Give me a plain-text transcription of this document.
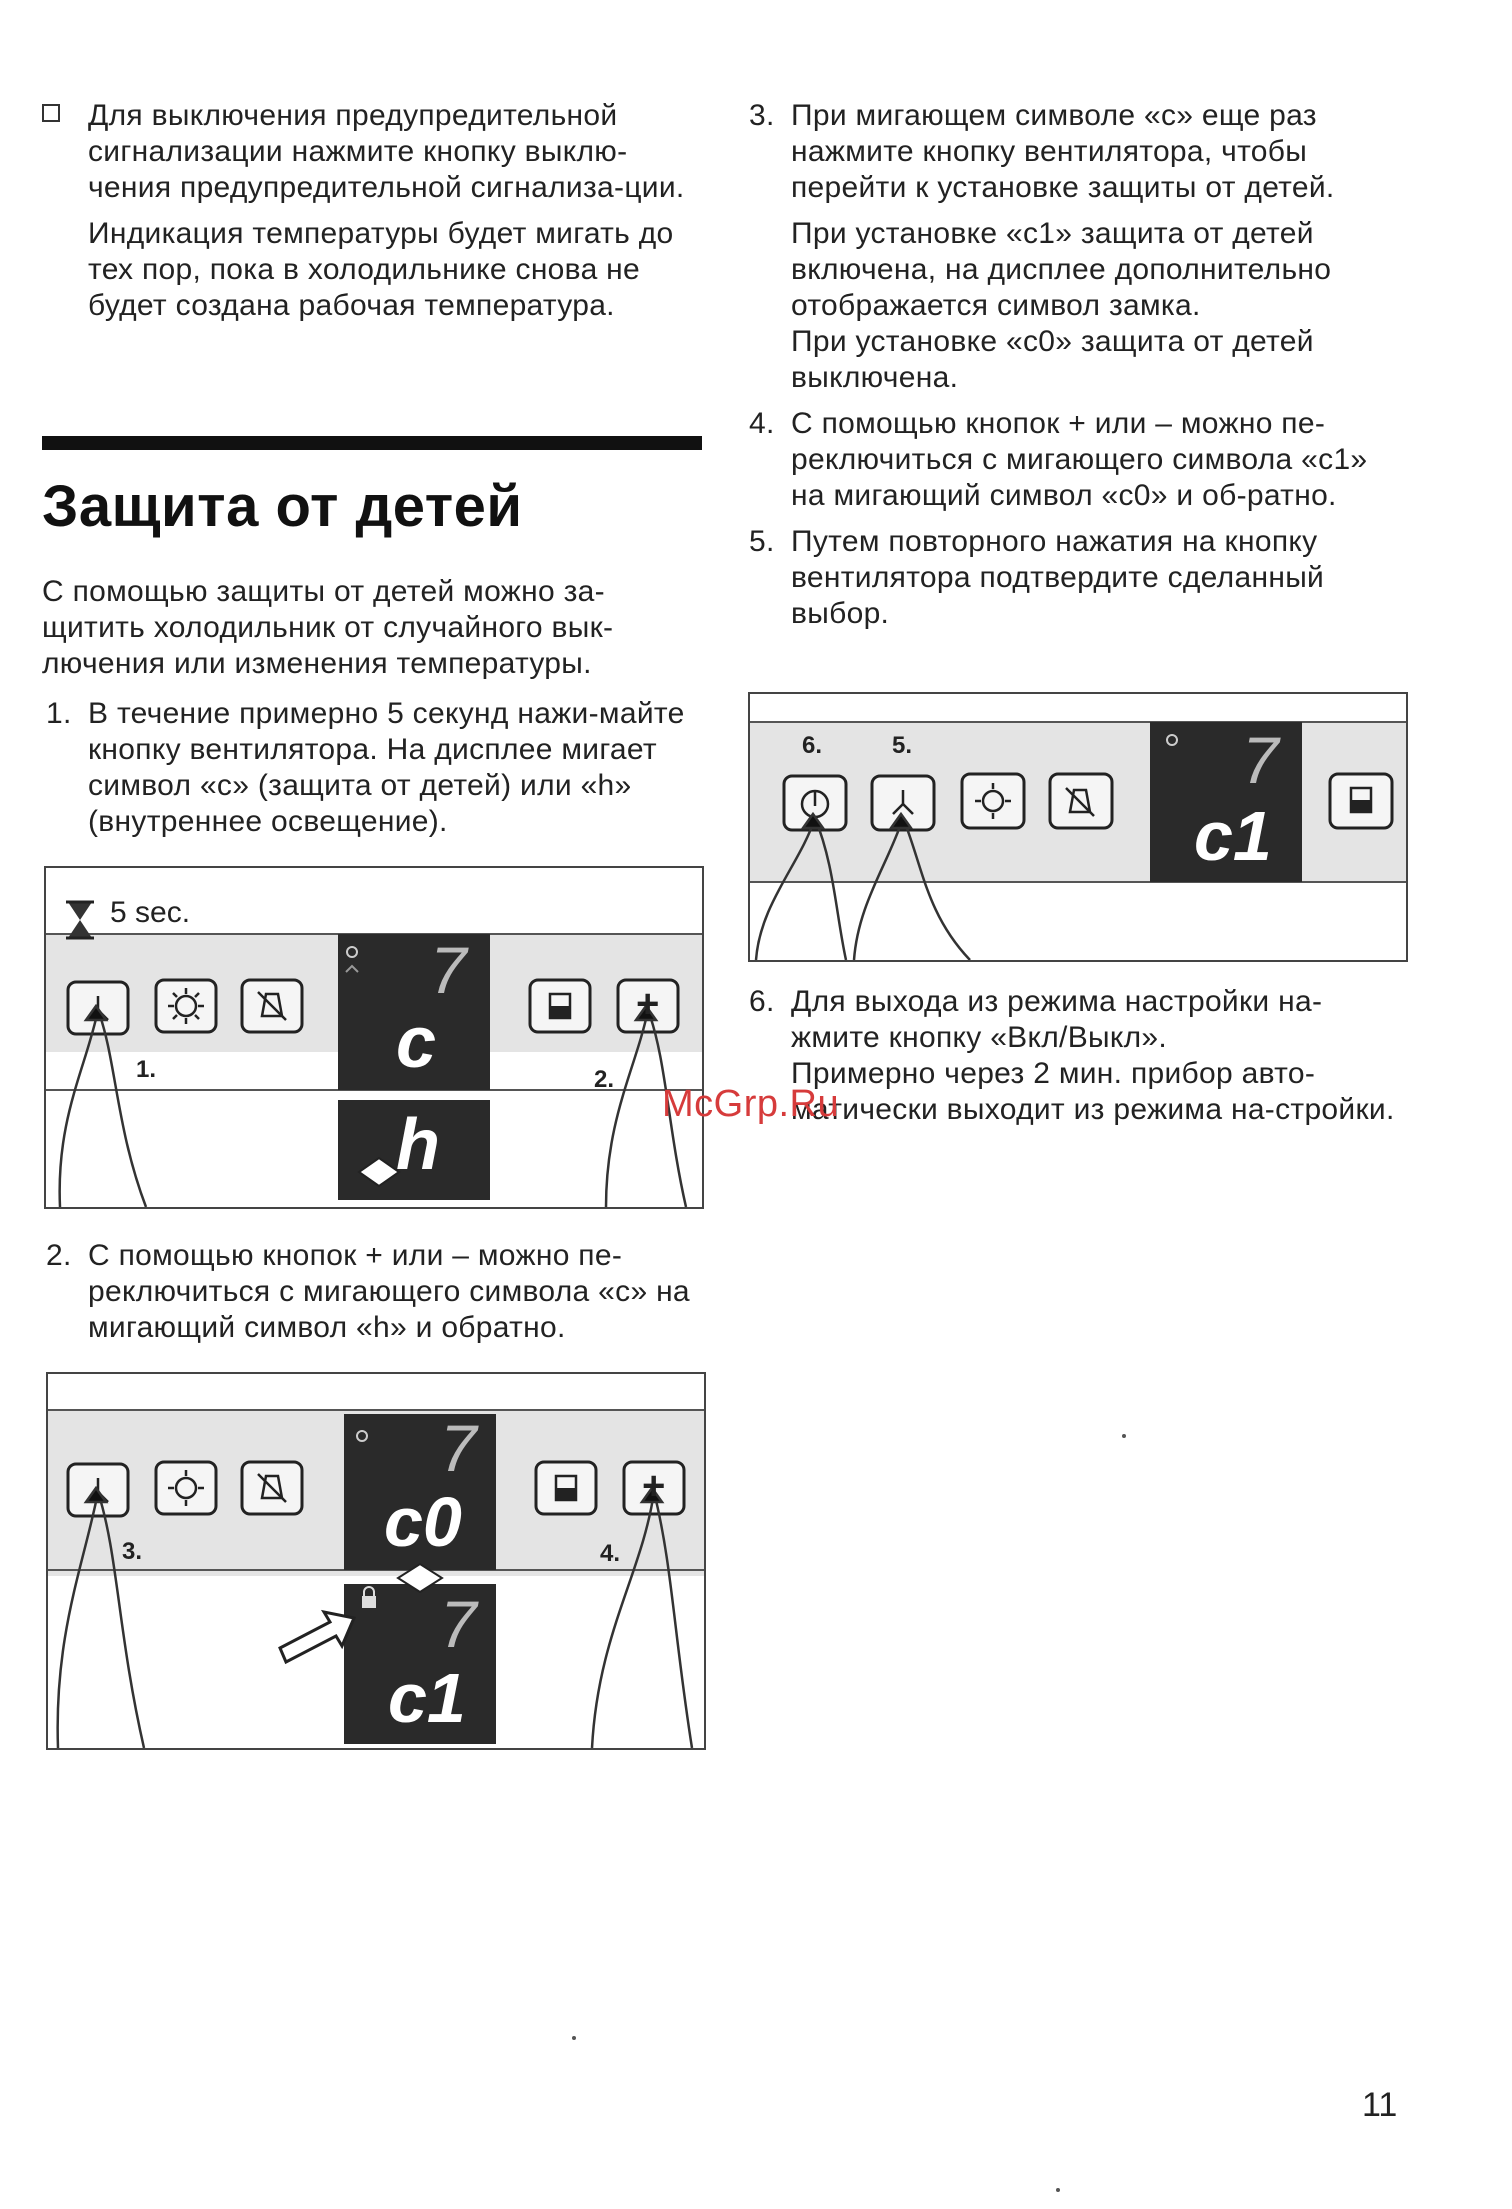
Для выключения предупредительной сигнализации нажмите кнопку выклю-чения предупредительной сигнализа-ции.

Индикация температуры будет мигать до тех пор, пока в холодильнике снова не будет создана рабочая температура.

Защита от детей

С помощью защиты от детей можно за-щитить холодильник от случайного вык-лючения или изменения температуры.

1. В течение примерно 5 секунд нажи-майте кнопку вентилятора. На дисплее мигает символ «c» (защита от детей) или «h» (внутреннее освещение).

5 sec.
1.	2.
7
c
h
+
2. С помощью кнопок + или – можно пе-реключиться с мигающего символа «c» на мигающий символ «h» и обратно.

3.	4.
7
c0
7
c1
+
3. При мигающем символе «c» еще раз нажмите кнопку вентилятора, чтобы перейти к установке защиты от детей.

При установке «c1» защита от детей включена, на дисплее дополнительно отображается символ замка.

При установке «c0» защита от детей выключена.

4. С помощью кнопок + или – можно пе-реключиться с мигающего символа «c1» на мигающий символ «c0» и об-ратно.

5. Путем повторного нажатия на кнопку вентилятора подтвердите сделанный выбор.

6.	5.	7
c1
6. Для выхода из режима настройки на-жмите кнопку «Вкл/Выкл».

Примерно через 2 мин. прибор авто-матически выходит из режима на-стройки.

McGrp.Ru
11
